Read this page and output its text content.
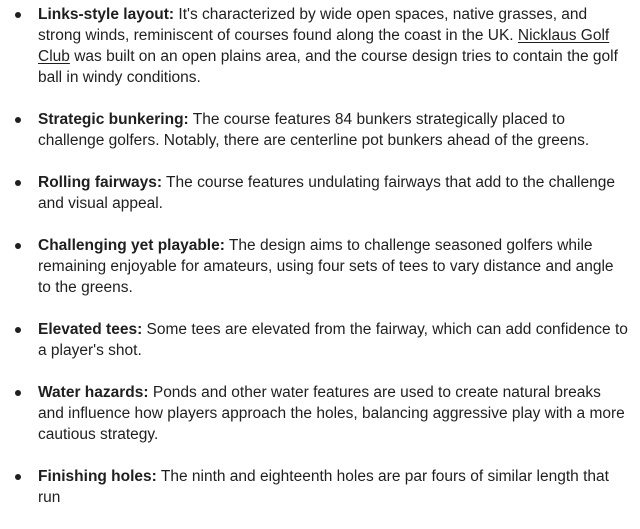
Links-style layout: It's characterized by wide open spaces, native grasses, and strong winds, reminiscent of courses found along the coast in the UK. Nicklaus Golf Club was built on an open plains area, and the course design tries to contain the golf ball in windy conditions.
Strategic bunkering: The course features 84 bunkers strategically placed to challenge golfers. Notably, there are centerline pot bunkers ahead of the greens.
Rolling fairways: The course features undulating fairways that add to the challenge and visual appeal.
Challenging yet playable: The design aims to challenge seasoned golfers while remaining enjoyable for amateurs, using four sets of tees to vary distance and angle to the greens.
Elevated tees: Some tees are elevated from the fairway, which can add confidence to a player's shot.
Water hazards: Ponds and other water features are used to create natural breaks and influence how players approach the holes, balancing aggressive play with a more cautious strategy.
Finishing holes: The ninth and eighteenth holes are par fours of similar length that run
